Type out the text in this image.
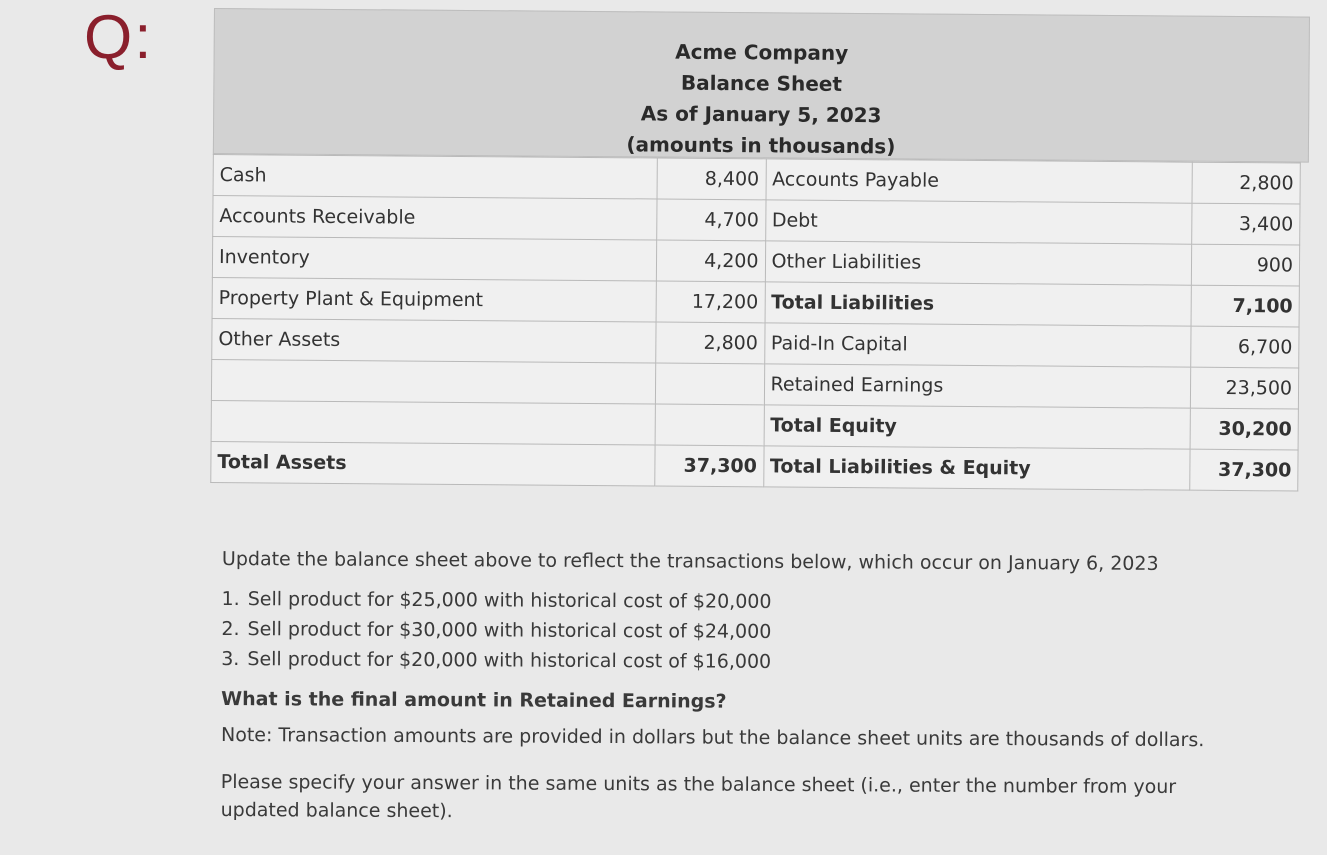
Q:	Acme Company
Balance Sheet
As of January 5, 2023
(amounts in thousands)
Cash	8,400	Accounts Payable	2,800
Accounts Receivable	4,700	Debt	3,400
Inventory	4,200	Other Liabilities	900
Property Plant & Equipment	17,200	Total Liabilities	7,100
Other Assets	2,800	Paid-In Capital	6,700
		Retained Earnings	23,500
		Total Equity	30,200
Total Assets	37,300	Total Liabilities & Equity	37,300

Update the balance sheet above to reflect the transactions below, which occur on January 6, 2023

1. Sell product for $25,000 with historical cost of $20,000
2. Sell product for $30,000 with historical cost of $24,000
3. Sell product for $20,000 with historical cost of $16,000

What is the final amount in Retained Earnings?

Note: Transaction amounts are provided in dollars but the balance sheet units are thousands of dollars.

Please specify your answer in the same units as the balance sheet (i.e., enter the number from your updated balance sheet).
